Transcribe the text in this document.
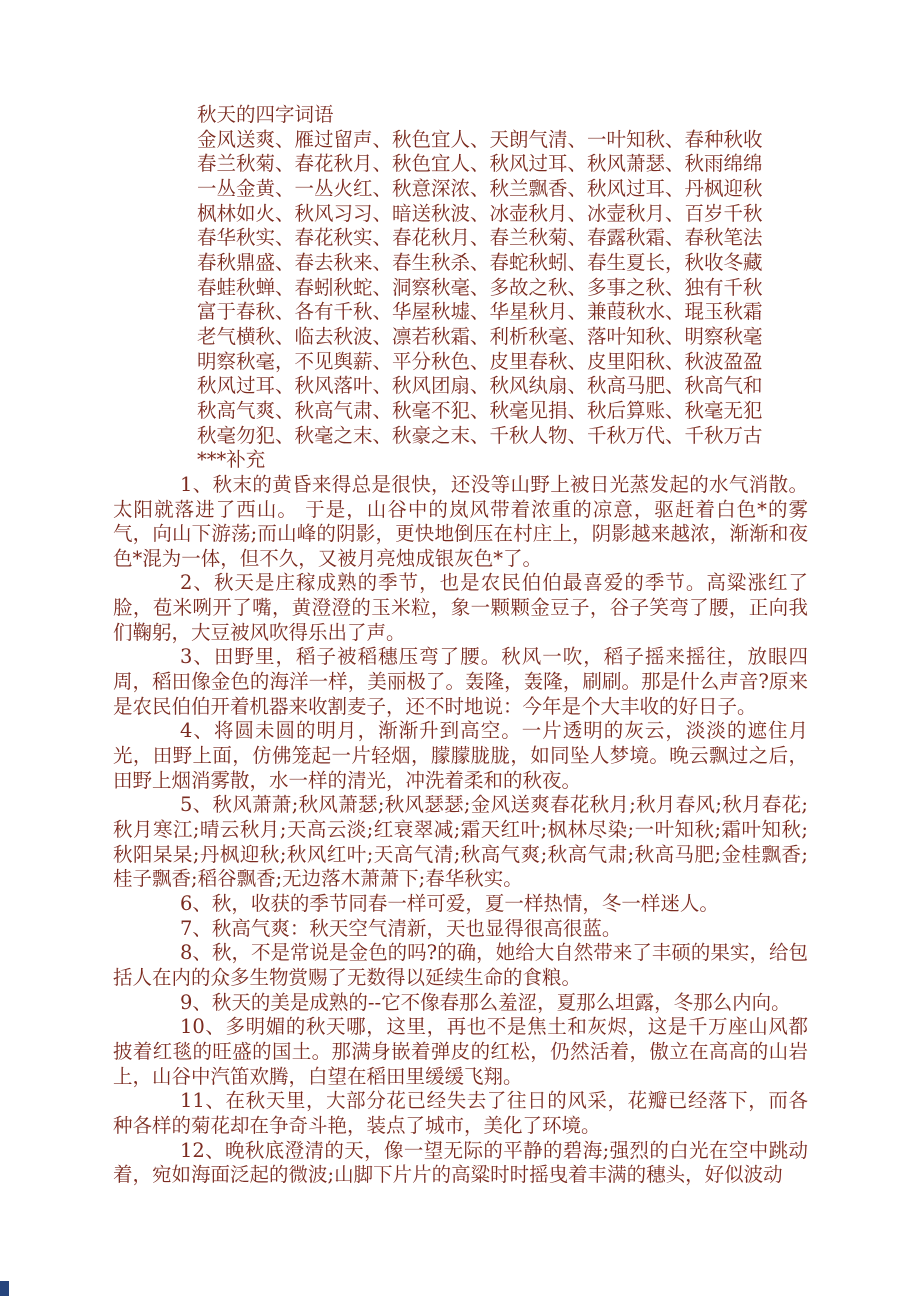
秋天的四字词语

金风送爽、雁过留声、秋色宜人、天朗气清、一叶知秋、春种秋收

春兰秋菊、春花秋月、秋色宜人、秋风过耳、秋风萧瑟、秋雨绵绵

一丛金黄、一丛火红、秋意深浓、秋兰飘香、秋风过耳、丹枫迎秋

枫林如火、秋风习习、暗送秋波、冰壶秋月、冰壸秋月、百岁千秋

春华秋实、春花秋实、春花秋月、春兰秋菊、春露秋霜、春秋笔法

春秋鼎盛、春去秋来、春生秋杀、春蛇秋蚓、春生夏长，秋收冬藏

春蛙秋蝉、春蚓秋蛇、洞察秋毫、多故之秋、多事之秋、独有千秋

富于春秋、各有千秋、华屋秋墟、华星秋月、兼葭秋水、琨玉秋霜

老气横秋、临去秋波、凛若秋霜、利析秋毫、落叶知秋、明察秋毫

明察秋毫，不见舆薪、平分秋色、皮里春秋、皮里阳秋、秋波盈盈

秋风过耳、秋风落叶、秋风团扇、秋风纨扇、秋高马肥、秋高气和

秋高气爽、秋高气肃、秋毫不犯、秋毫见捐、秋后算账、秋毫无犯

秋毫勿犯、秋毫之末、秋豪之末、千秋人物、千秋万代、千秋万古

***补充

1、秋末的黄昏来得总是很快，还没等山野上被日光蒸发起的水气消散。太阳就落进了西山。 于是，山谷中的岚风带着浓重的凉意，驱赶着白色*的雾气，向山下游荡;而山峰的阴影，更快地倒压在村庄上，阴影越来越浓，渐渐和夜色*混为一体，但不久，又被月亮烛成银灰色*了。

2、秋天是庄稼成熟的季节，也是农民伯伯最喜爱的季节。高粱涨红了脸，苞米咧开了嘴，黄澄澄的玉米粒，象一颗颗金豆子，谷子笑弯了腰，正向我们鞠躬，大豆被风吹得乐出了声。

3、田野里，稻子被稻穗压弯了腰。秋风一吹，稻子摇来摇往，放眼四周，稻田像金色的海洋一样，美丽极了。轰隆，轰隆，刷刷。那是什么声音?原来是农民伯伯开着机器来收割麦子，还不时地说：今年是个大丰收的好日子。

4、将圆未圆的明月，渐渐升到高空。一片透明的灰云，淡淡的遮住月光，田野上面，仿佛笼起一片轻烟，朦朦胧胧，如同坠人梦境。晚云飘过之后，田野上烟消雾散，水一样的清光，冲洗着柔和的秋夜。

5、秋风萧萧;秋风萧瑟;秋风瑟瑟;金风送爽春花秋月;秋月春风;秋月春花;秋月寒江;晴云秋月;天高云淡;红衰翠减;霜天红叶;枫林尽染;一叶知秋;霜叶知秋;秋阳杲杲;丹枫迎秋;秋风红叶;天高气清;秋高气爽;秋高气肃;秋高马肥;金桂飘香;桂子飘香;稻谷飘香;无边落木萧萧下;春华秋实。

6、秋，收获的季节同春一样可爱，夏一样热情，冬一样迷人。

7、秋高气爽：秋天空气清新，天也显得很高很蓝。

8、秋，不是常说是金色的吗?的确，她给大自然带来了丰硕的果实，给包括人在内的众多生物赏赐了无数得以延续生命的食粮。

9、秋天的美是成熟的--它不像春那么羞涩，夏那么坦露，冬那么内向。

10、多明媚的秋天哪，这里，再也不是焦土和灰烬，这是千万座山风都披着红毯的旺盛的国土。那满身嵌着弹皮的红松，仍然活着，傲立在高高的山岩上，山谷中汽笛欢腾，白望在稻田里缓缓飞翔。

11、在秋天里，大部分花已经失去了往日的风采，花瓣已经落下，而各种各样的菊花却在争奇斗艳，装点了城市，美化了环境。

12、晚秋底澄清的天，像一望无际的平静的碧海;强烈的白光在空中跳动着，宛如海面泛起的微波;山脚下片片的高粱时时摇曳着丰满的穗头，好似波动
